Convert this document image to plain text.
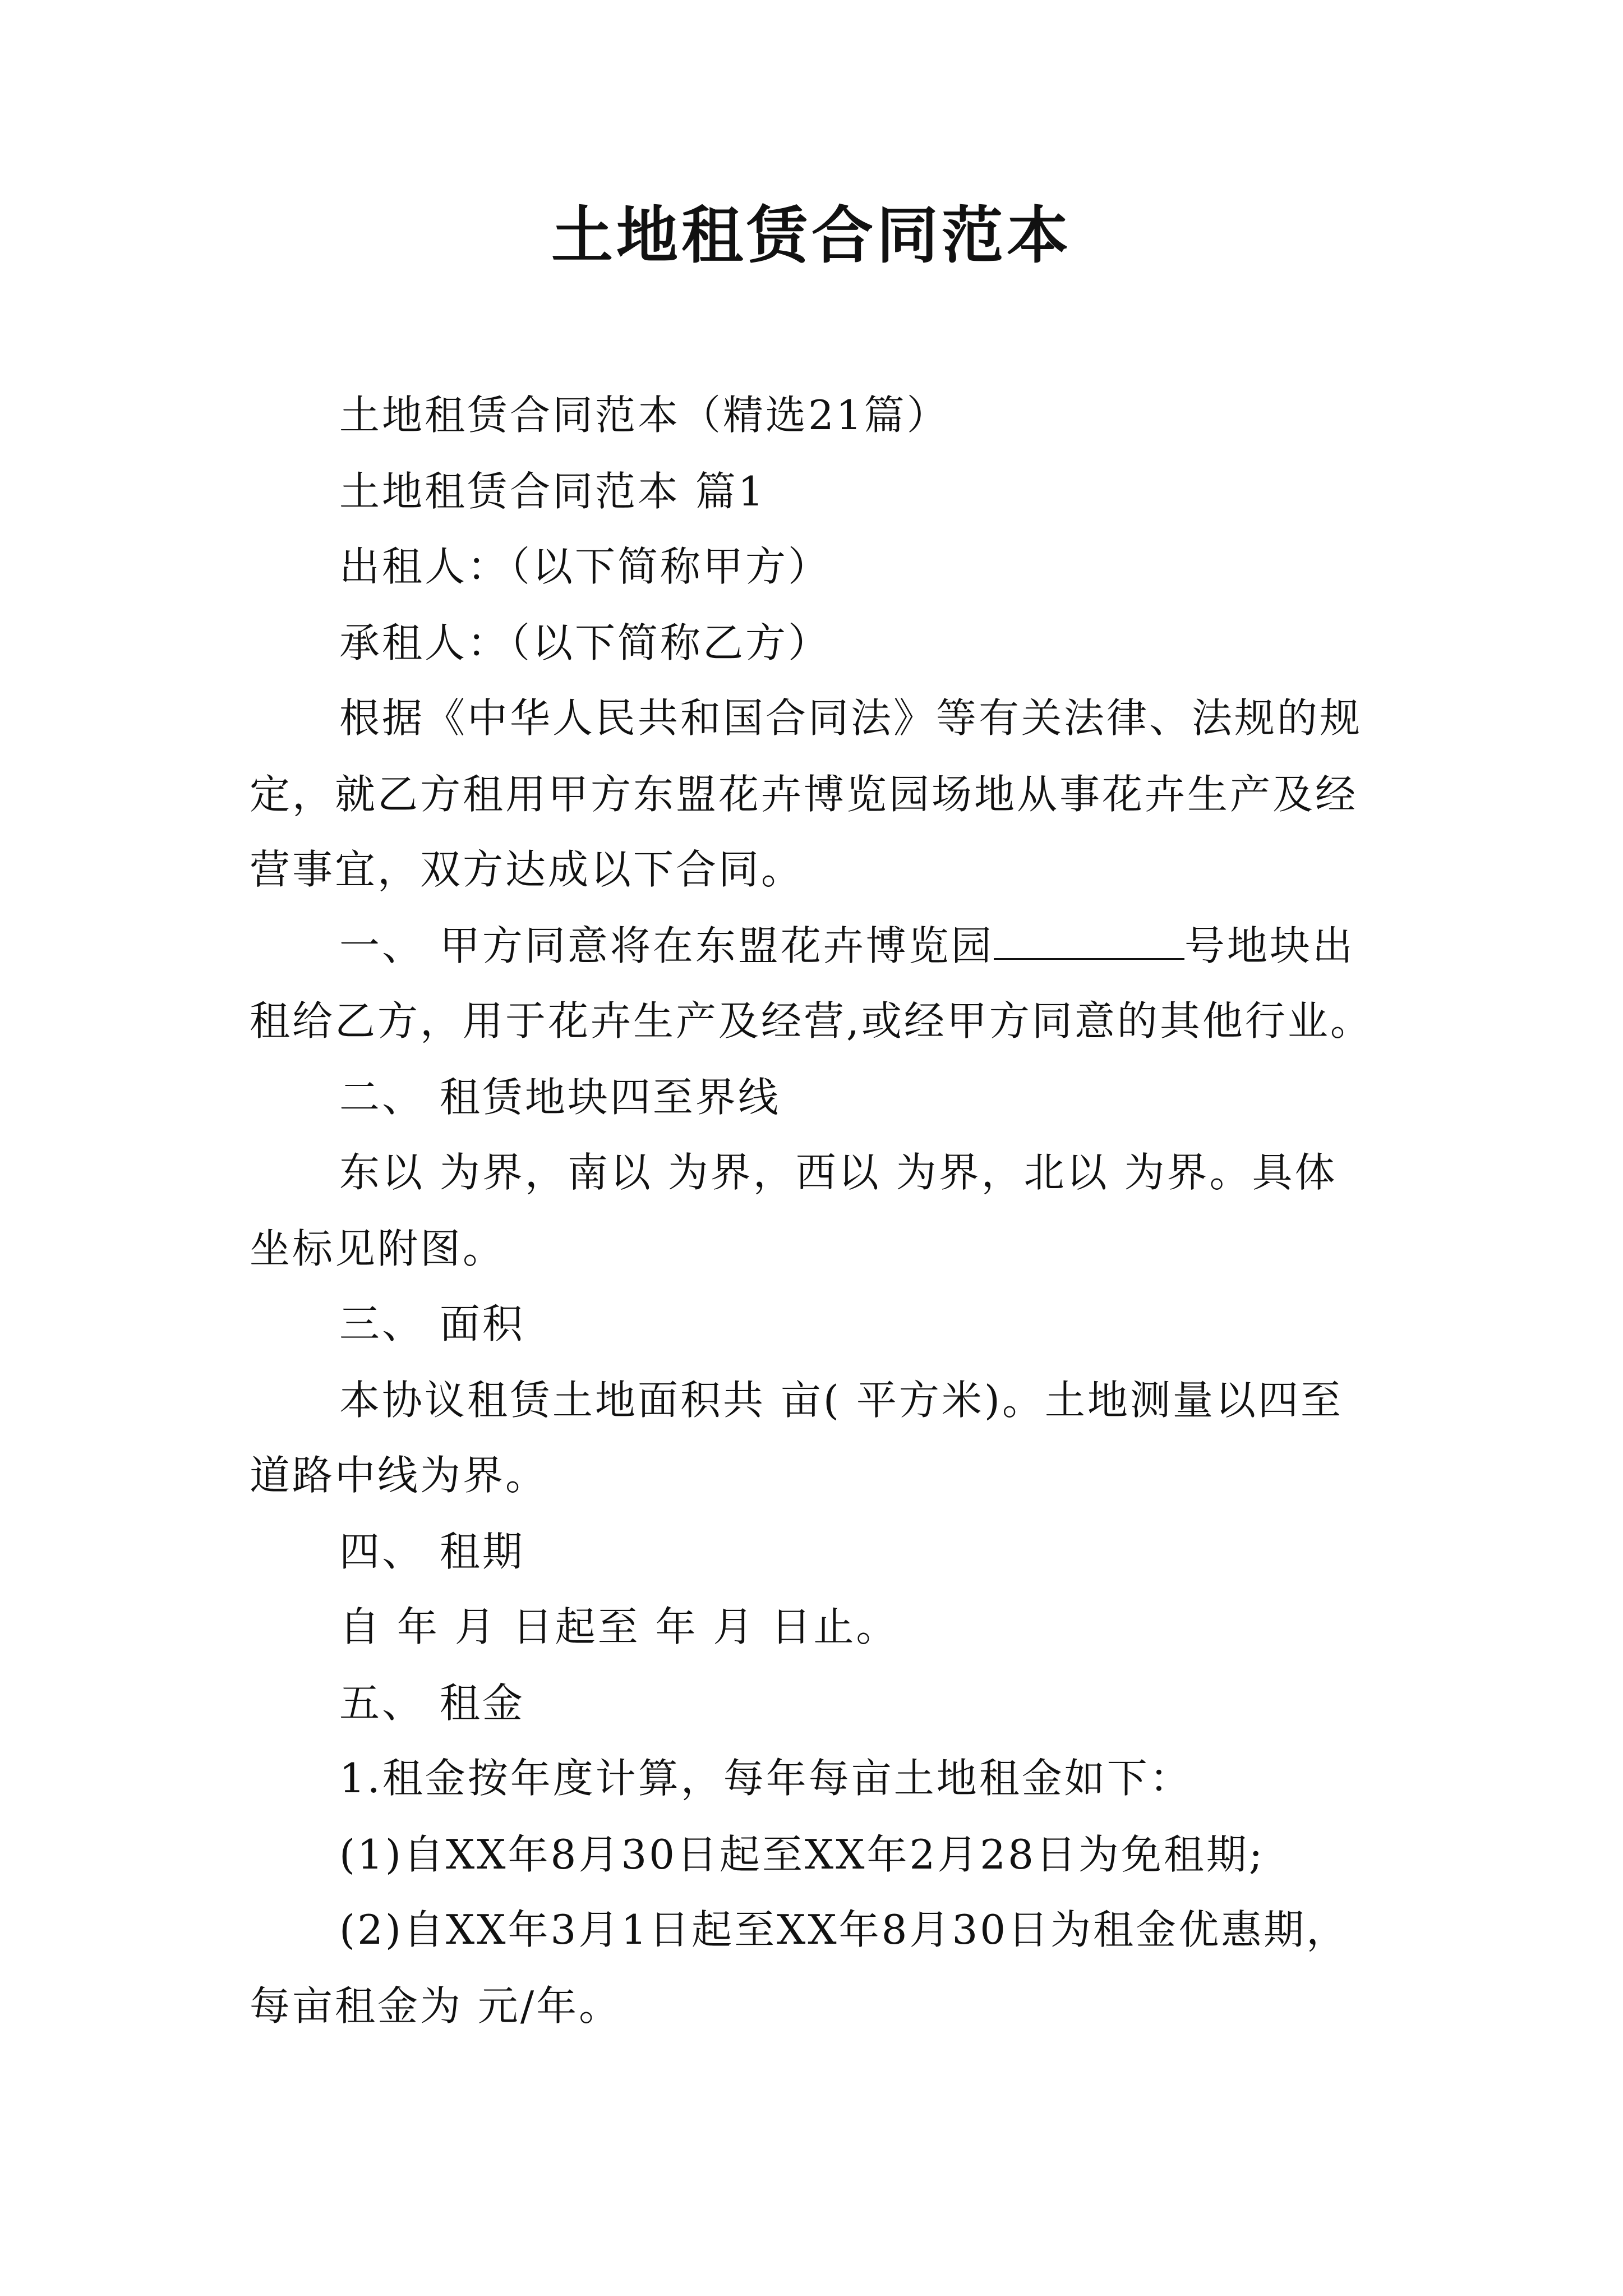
土地租赁合同范本
土地租赁合同范本（精选21篇）
土地租赁合同范本 篇1
出租人：（以下简称甲方）
承租人：（以下简称乙方）
根据《中华人民共和国合同法》等有关法律、法规的规
定，就乙方租用甲方东盟花卉博览园场地从事花卉生产及经
营事宜，双方达成以下合同。
一、 甲方同意将在东盟花卉博览园	号地块出
租给乙方，用于花卉生产及经营,或经甲方同意的其他行业。
二、 租赁地块四至界线
东以 为界，南以 为界，西以 为界，北以 为界。具体
坐标见附图。
三、 面积
本协议租赁土地面积共 亩( 平方米)。土地测量以四至
道路中线为界。
四、 租期
自 年 月 日起至 年 月 日止。
五、 租金
1.租金按年度计算，每年每亩土地租金如下：
(1)自XX年8月30日起至XX年2月28日为免租期;
(2)自XX年3月1日起至XX年8月30日为租金优惠期，
每亩租金为 元/年。
